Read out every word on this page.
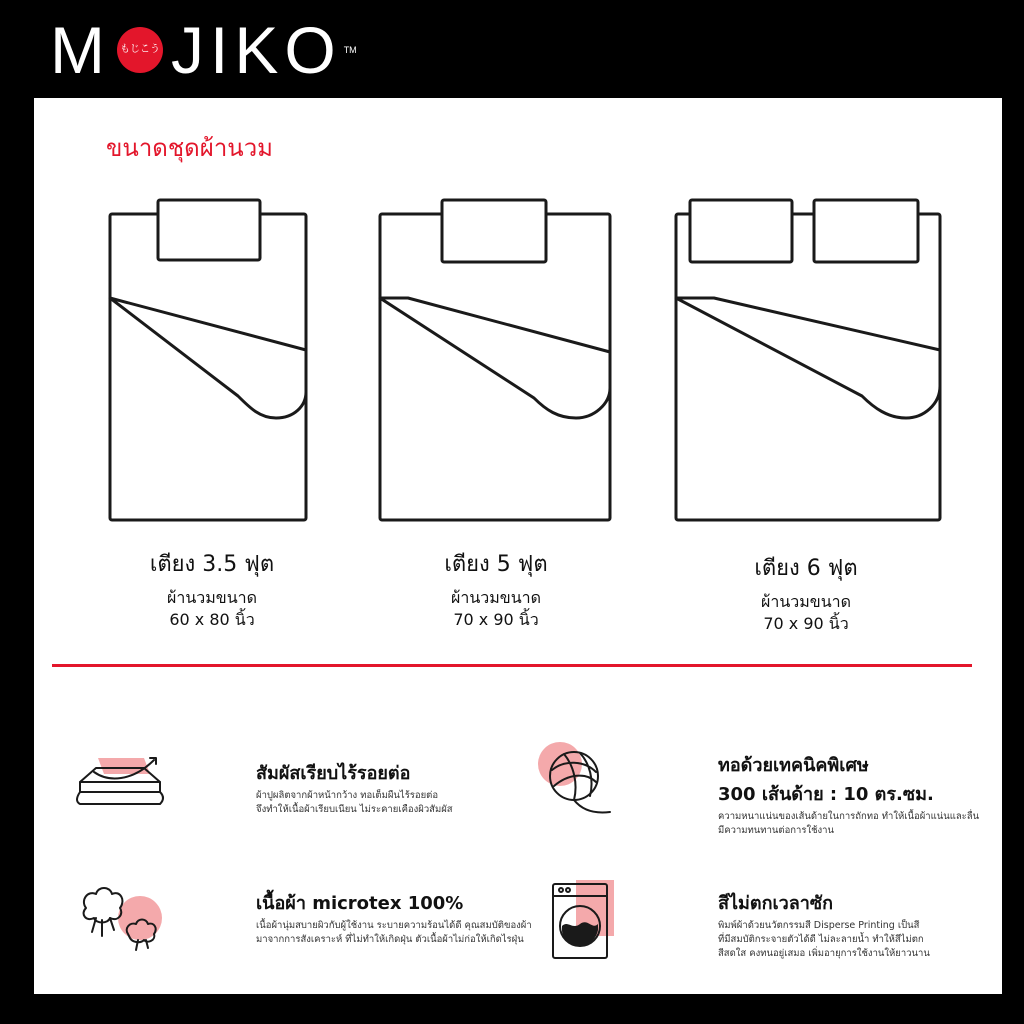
M もじこう JIKO TM
ขนาดชุดผ้านวม
เตียง 3.5 ฟุต
ผ้านวมขนาด
60 x 80 นิ้ว
เตียง 5 ฟุต
ผ้านวมขนาด
70 x 90 นิ้ว
เตียง 6 ฟุต
ผ้านวมขนาด
70 x 90 นิ้ว
สัมผัสเรียบไร้รอยต่อ
ผ้าปูผลิตจากผ้าหน้ากว้าง ทอเต็มผืนไร้รอยต่อ
จึงทำให้เนื้อผ้าเรียบเนียน ไม่ระคายเคืองผิวสัมผัส
ทอด้วยเทคนิคพิเศษ
300 เส้นด้าย : 10 ตร.ซม.
ความหนาแน่นของเส้นด้ายในการถักทอ ทำให้เนื้อผ้าแน่นและลื่น
มีความทนทานต่อการใช้งาน
เนื้อผ้า microtex 100%
เนื้อผ้านุ่มสบายผิวกับผู้ใช้งาน ระบายความร้อนได้ดี คุณสมบัติของผ้า
มาจากการสังเคราะห์ ที่ไม่ทำให้เกิดฝุ่น ตัวเนื้อผ้าไม่ก่อให้เกิดไรฝุ่น
สีไม่ตกเวลาซัก
พิมพ์ผ้าด้วยนวัตกรรมสี Disperse Printing เป็นสี
ที่มีสมบัติกระจายตัวได้ดี ไม่ละลายน้ำ ทำให้สีไม่ตก
สีสดใส คงทนอยู่เสมอ เพิ่มอายุการใช้งานให้ยาวนาน
